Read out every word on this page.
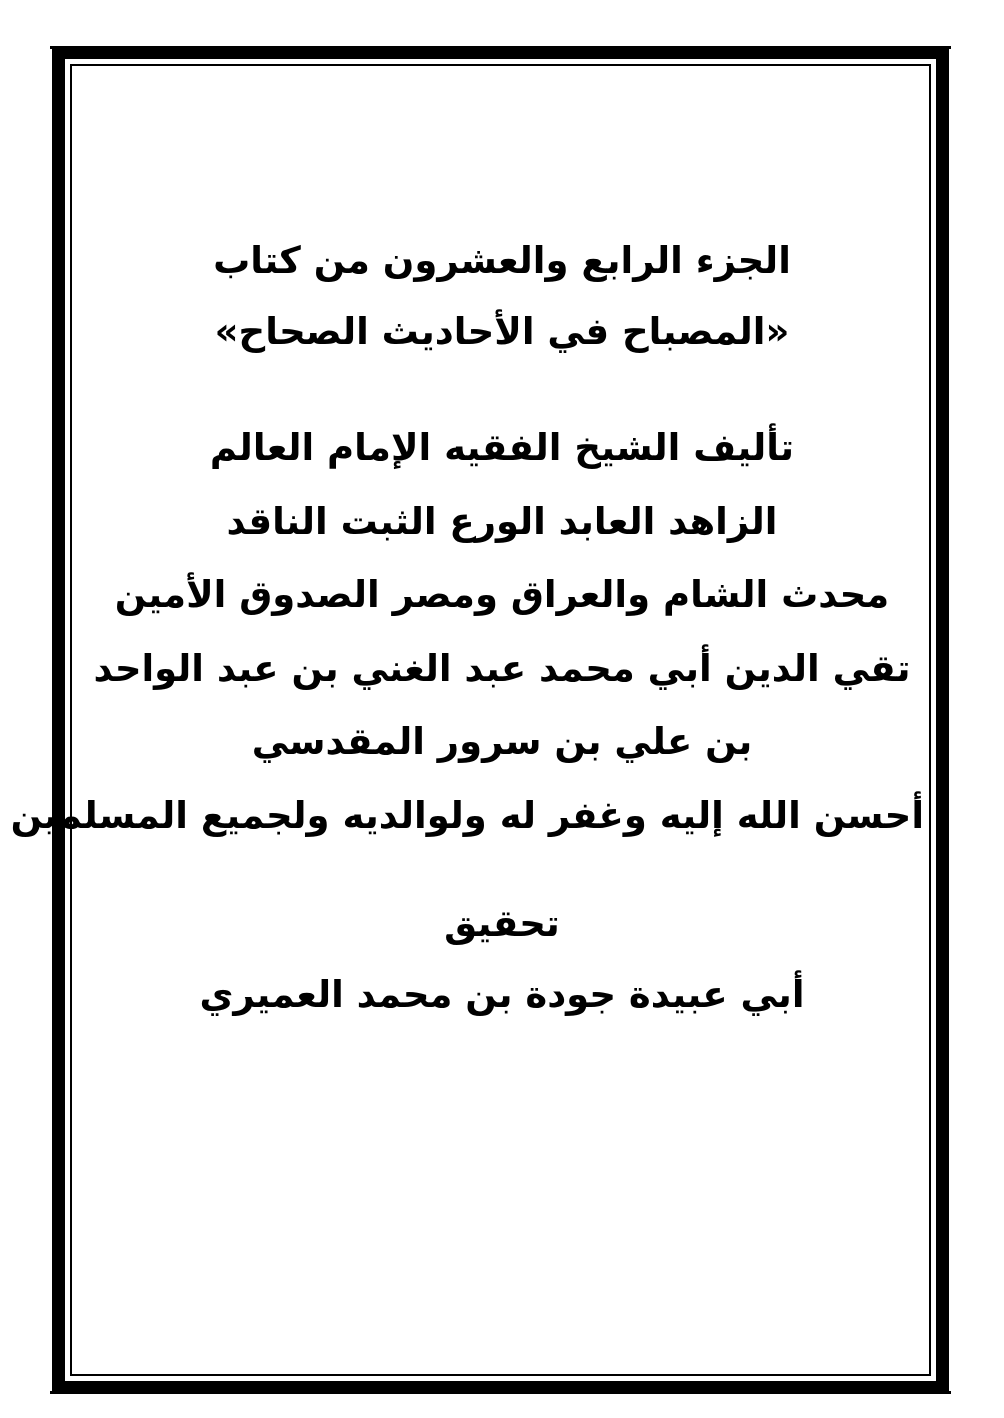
الجزء الرابع والعشرون من كتاب

«المصباح في الأحاديث الصحاح»

تأليف الشيخ الفقيه الإمام العالم

الزاهد العابد الورع الثبت الناقد

محدث الشام والعراق ومصر الصدوق الأمين

تقي الدين أبي محمد عبد الغني بن عبد الواحد

بن علي بن سرور المقدسي

أحسن الله إليه وغفر له ولوالديه ولجميع المسلمين

تحقيق

أبي عبيدة جودة بن محمد العميري
